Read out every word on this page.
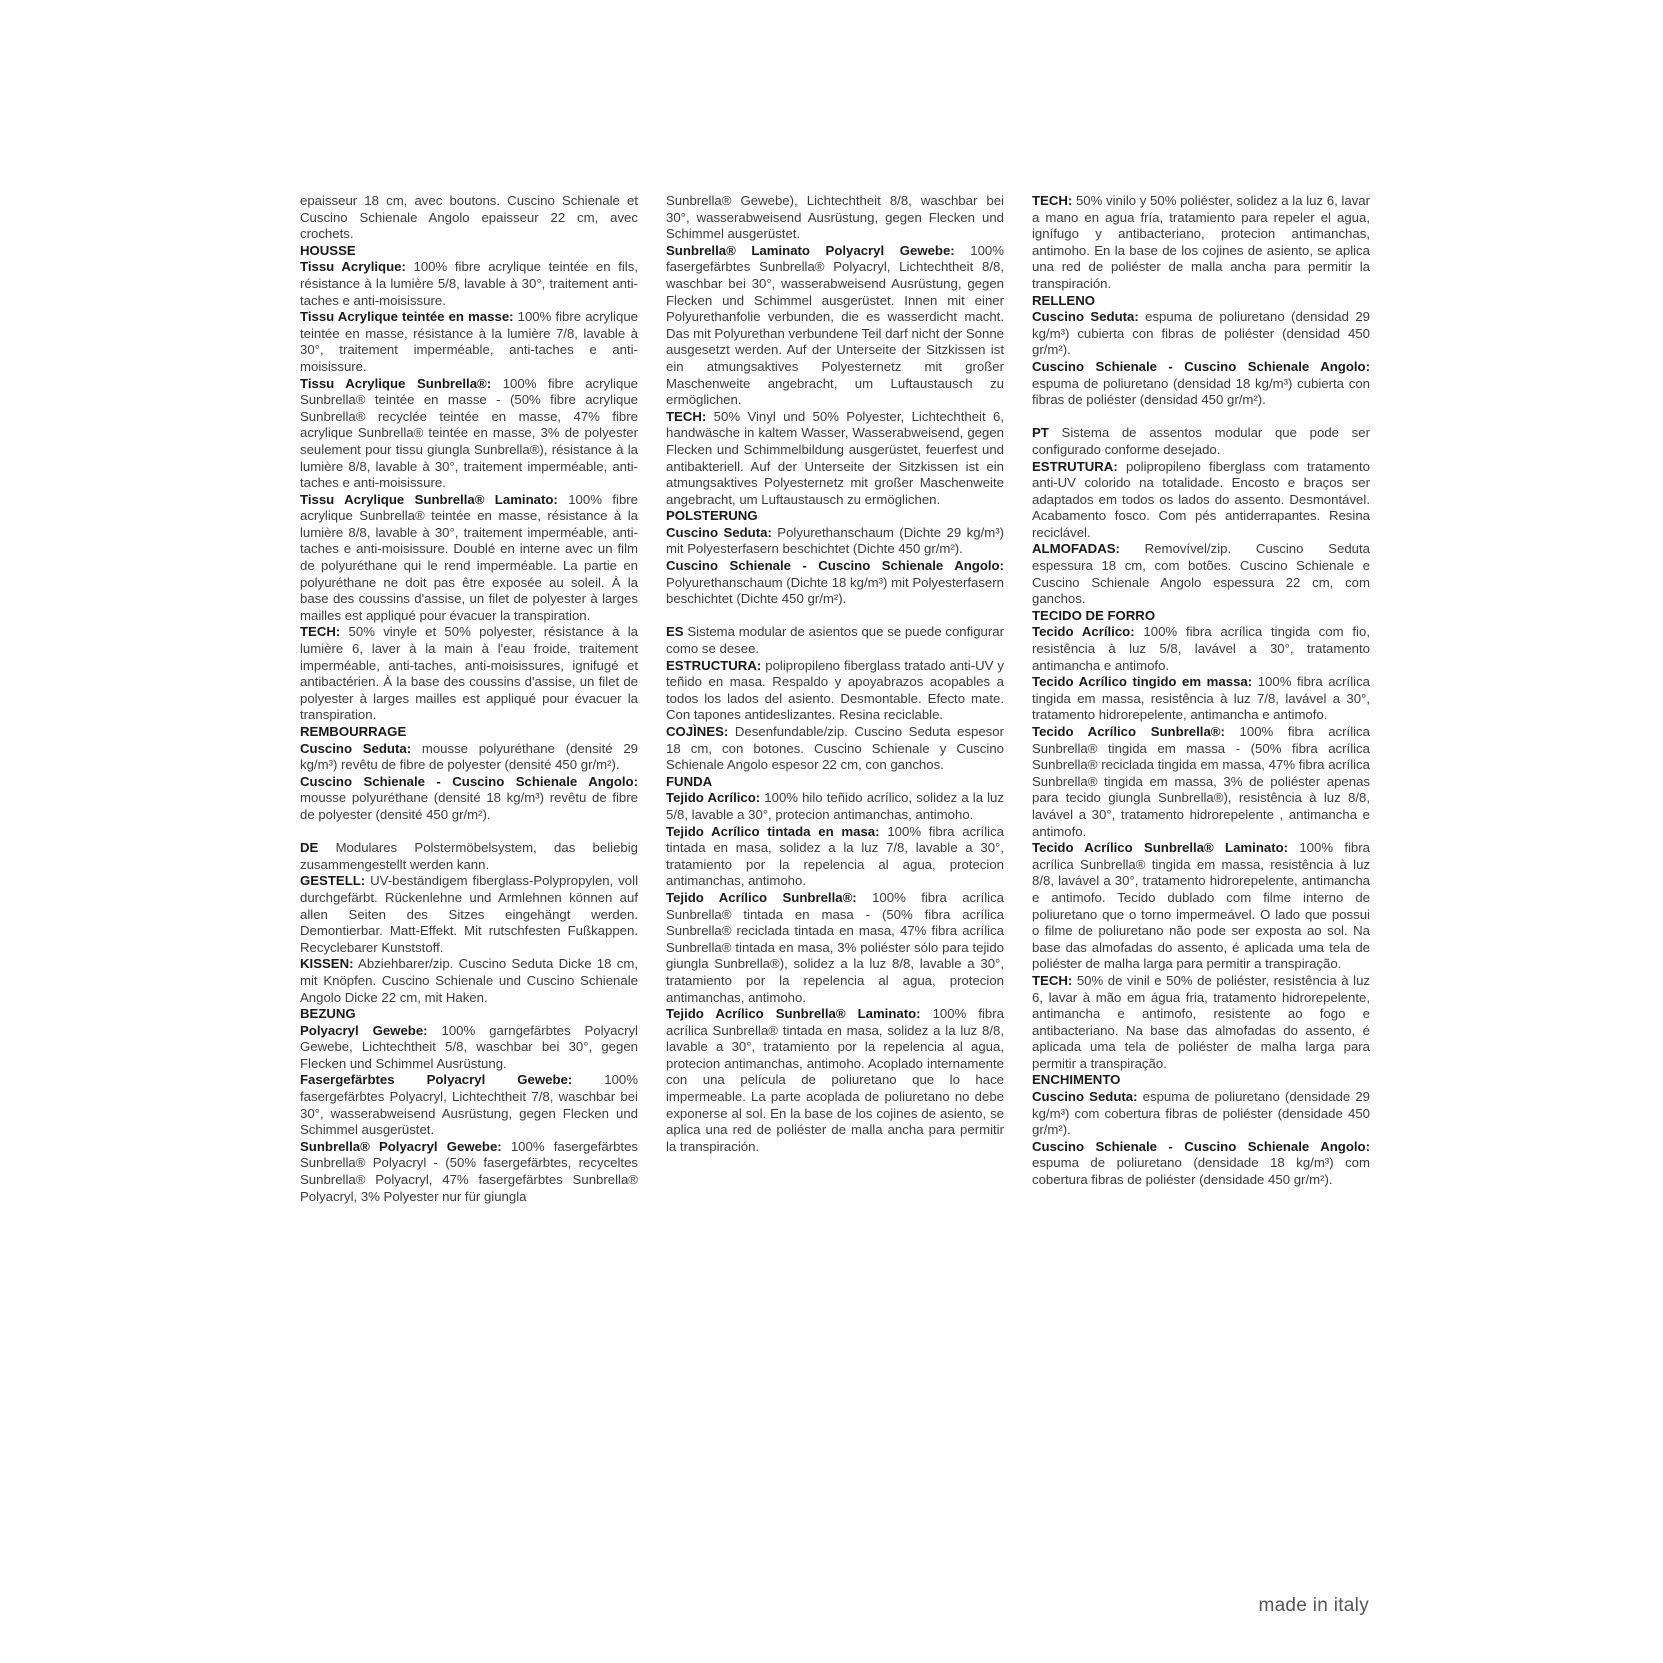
epaisseur 18 cm, avec boutons. Cuscino Schienale et Cuscino Schienale Angolo epaisseur 22 cm, avec crochets.

HOUSSE

Tissu Acrylique: 100% fibre acrylique teintée en fils, résistance à la lumière 5/8, lavable à 30°, traitement anti-taches e anti-moisissure.

Tissu Acrylique teintée en masse: 100% fibre acrylique teintée en masse, résistance à la lumière 7/8, lavable à 30°, traitement imperméable, anti-taches e anti-moisissure.

Tissu Acrylique Sunbrella®: 100% fibre acrylique Sunbrella® teintée en masse - (50% fibre acrylique Sunbrella® recyclée teintée en masse, 47% fibre acrylique Sunbrella® teintée en masse, 3% de polyester seulement pour tissu giungla Sunbrella®), résistance à la lumière 8/8, lavable à 30°, traitement imperméable, anti-taches e anti-moisissure.

Tissu Acrylique Sunbrella® Laminato: 100% fibre acrylique Sunbrella® teintée en masse, résistance à la lumière 8/8, lavable à 30°, traitement imperméable, anti-taches e anti-moisissure. Doublé en interne avec un film de polyuréthane qui le rend imperméable. La partie en polyuréthane ne doit pas être exposée au soleil. À la base des coussins d'assise, un filet de polyester à larges mailles est appliqué pour évacuer la transpiration.

TECH: 50% vinyle et 50% polyester, résistance à la lumière 6, laver à la main à l'eau froide, traitement imperméable, anti-taches, anti-moisissures, ignifugé et antibactérien. À la base des coussins d'assise, un filet de polyester à larges mailles est appliqué pour évacuer la transpiration.

REMBOURRAGE

Cuscino Seduta: mousse polyuréthane (densité 29 kg/m³) revêtu de fibre de polyester (densité 450 gr/m²).

Cuscino Schienale - Cuscino Schienale Angolo: mousse polyuréthane (densité 18 kg/m³) revêtu de fibre de polyester (densité 450 gr/m²).

DE Modulares Polstermöbelsystem, das beliebig zusammengestellt werden kann.

GESTELL: UV-beständigem fiberglass-Polypropylen, voll durchgefärbt. Rückenlehne und Armlehnen können auf allen Seiten des Sitzes eingehängt werden. Demontierbar. Matt-Effekt. Mit rutschfesten Fußkappen. Recyclebarer Kunststoff.

KISSEN: Abziehbarer/zip. Cuscino Seduta Dicke 18 cm, mit Knöpfen. Cuscino Schienale und Cuscino Schienale Angolo Dicke 22 cm, mit Haken.

BEZUNG

Polyacryl Gewebe: 100% garngefärbtes Polyacryl Gewebe, Lichtechtheit 5/8, waschbar bei 30°, gegen Flecken und Schimmel Ausrüstung.

Fasergefärbtes Polyacryl Gewebe: 100% fasergefärbtes Polyacryl, Lichtechtheit 7/8, waschbar bei 30°, wasserabweisend Ausrüstung, gegen Flecken und Schimmel ausgerüstet.

Sunbrella® Polyacryl Gewebe: 100% fasergefärbtes Sunbrella® Polyacryl - (50% fasergefärbtes, recyceltes Sunbrella® Polyacryl, 47% fasergefärbtes Sunbrella® Polyacryl, 3% Polyester nur für giungla

Sunbrella® Gewebe), Lichtechtheit 8/8, waschbar bei 30°, wasserabweisend Ausrüstung, gegen Flecken und Schimmel ausgerüstet.

Sunbrella® Laminato Polyacryl Gewebe: 100% fasergefärbtes Sunbrella® Polyacryl, Lichtechtheit 8/8, waschbar bei 30°, wasserabweisend Ausrüstung, gegen Flecken und Schimmel ausgerüstet. Innen mit einer Polyurethanfolie verbunden, die es wasserdicht macht. Das mit Polyurethan verbundene Teil darf nicht der Sonne ausgesetzt werden. Auf der Unterseite der Sitzkissen ist ein atmungsaktives Polyesternetz mit großer Maschenweite angebracht, um Luftaustausch zu ermöglichen.

TECH: 50% Vinyl und 50% Polyester, Lichtechtheit 6, handwäsche in kaltem Wasser, Wasserabweisend, gegen Flecken und Schimmelbildung ausgerüstet, feuerfest und antibakteriell. Auf der Unterseite der Sitzkissen ist ein atmungsaktives Polyesternetz mit großer Maschenweite angebracht, um Luftaustausch zu ermöglichen.

POLSTERUNG

Cuscino Seduta: Polyurethanschaum (Dichte 29 kg/m³) mit Polyesterfasern beschichtet (Dichte 450 gr/m²).

Cuscino Schienale - Cuscino Schienale Angolo: Polyurethanschaum (Dichte 18 kg/m³) mit Polyesterfasern beschichtet (Dichte 450 gr/m²).

ES Sistema modular de asientos que se puede configurar como se desee.

ESTRUCTURA: polipropileno fiberglass tratado anti-UV y teñido en masa. Respaldo y apoyabrazos acopables a todos los lados del asiento. Desmontable. Efecto mate. Con tapones antideslizantes. Resina reciclable.

COJÌNES: Desenfundable/zip. Cuscino Seduta espesor 18 cm, con botones. Cuscino Schienale y Cuscino Schienale Angolo espesor 22 cm, con ganchos.

FUNDA

Tejido Acrílico: 100% hilo teñido acrílico, solidez a la luz 5/8, lavable a 30°, protecion antimanchas, antimoho.

Tejido Acrílico tintada en masa: 100% fibra acrílica tintada en masa, solidez a la luz 7/8, lavable a 30°, tratamiento por la repelencia al agua, protecion antimanchas, antimoho.

Tejido Acrílico Sunbrella®: 100% fibra acrílica Sunbrella® tintada en masa - (50% fibra acrílica Sunbrella® reciclada tintada en masa, 47% fibra acrílica Sunbrella® tintada en masa, 3% poliéster sólo para tejido giungla Sunbrella®), solidez a la luz 8/8, lavable a 30°, tratamiento por la repelencia al agua, protecion antimanchas, antimoho.

Tejido Acrílico Sunbrella® Laminato: 100% fibra acrílica Sunbrella® tintada en masa, solidez a la luz 8/8, lavable a 30°, tratamiento por la repelencia al agua, protecion antimanchas, antimoho. Acoplado internamente con una película de poliuretano que lo hace impermeable. La parte acoplada de poliuretano no debe exponerse al sol. En la base de los cojines de asiento, se aplica una red de poliéster de malla ancha para permitir la transpiración.

TECH: 50% vinilo y 50% poliéster, solidez a la luz 6, lavar a mano en agua fría, tratamiento para repeler el agua, ignífugo y antibacteriano, protecion antimanchas, antimoho. En la base de los cojines de asiento, se aplica una red de poliéster de malla ancha para permitir la transpiración.

RELLENO

Cuscino Seduta: espuma de poliuretano (densidad 29 kg/m³) cubierta con fibras de poliéster (densidad 450 gr/m²).

Cuscino Schienale - Cuscino Schienale Angolo: espuma de poliuretano (densidad 18 kg/m³) cubierta con fibras de poliéster (densidad 450 gr/m²).

PT Sistema de assentos modular que pode ser configurado conforme desejado.

ESTRUTURA: polipropileno fiberglass com tratamento anti-UV colorido na totalidade. Encosto e braços ser adaptados em todos os lados do assento. Desmontável. Acabamento fosco. Com pés antiderrapantes. Resina reciclável.

ALMOFADAS: Removível/zip. Cuscino Seduta espessura 18 cm, com botões. Cuscino Schienale e Cuscino Schienale Angolo espessura 22 cm, com ganchos.

TECIDO DE FORRO

Tecido Acrílico: 100% fibra acrílica tingida com fio, resistência à luz 5/8, lavável a 30°, tratamento antimancha e antimofo.

Tecido Acrílico tingido em massa: 100% fibra acrílica tingida em massa, resistência à luz 7/8, lavável a 30°, tratamento hidrorepelente, antimancha e antimofo.

Tecido Acrílico Sunbrella®: 100% fibra acrílica Sunbrella® tingida em massa - (50% fibra acrílica Sunbrella® reciclada tingida em massa, 47% fibra acrílica Sunbrella® tingida em massa, 3% de poliéster apenas para tecido giungla Sunbrella®), resistência à luz 8/8, lavável a 30°, tratamento hidrorepelente , antimancha e antimofo.

Tecido Acrílico Sunbrella® Laminato: 100% fibra acrílica Sunbrella® tingida em massa, resistência à luz 8/8, lavável a 30°, tratamento hidrorepelente, antimancha e antimofo. Tecido dublado com filme interno de poliuretano que o torno impermeável. O lado que possui o filme de poliuretano não pode ser exposta ao sol. Na base das almofadas do assento, é aplicada uma tela de poliéster de malha larga para permitir a transpiração.

TECH: 50% de vinil e 50% de poliéster, resistência à luz 6, lavar à mão em água fria, tratamento hidrorepelente, antimancha e antimofo, resistente ao fogo e antibacteriano. Na base das almofadas do assento, é aplicada uma tela de poliéster de malha larga para permitir a transpiração.

ENCHIMENTO

Cuscino Seduta: espuma de poliuretano (densidade 29 kg/m³) com cobertura fibras de poliéster (densidade 450 gr/m²).

Cuscino Schienale - Cuscino Schienale Angolo: espuma de poliuretano (densidade 18 kg/m³) com cobertura fibras de poliéster (densidade 450 gr/m²).

made in italy
